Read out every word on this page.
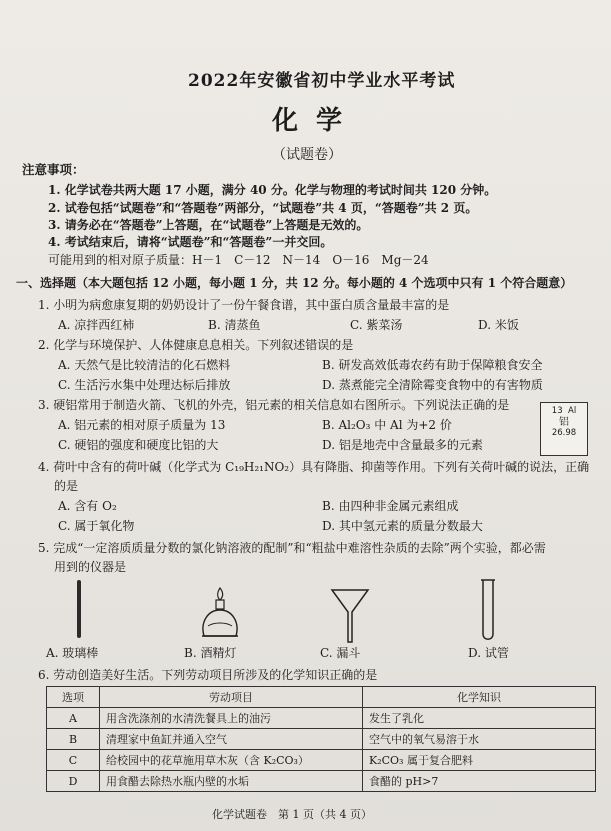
2022年安徽省初中学业水平考试
化学
（试题卷）
注意事项：
1. 化学试卷共两大题 17 小题，满分 40 分。化学与物理的考试时间共 120 分钟。
2. 试卷包括“试题卷”和“答题卷”两部分，“试题卷”共 4 页，“答题卷”共 2 页。
3. 请务必在“答题卷”上答题，在“试题卷”上答题是无效的。
4. 考试结束后，请将“试题卷”和“答题卷”一并交回。
可能用到的相对原子质量：H－1　C－12　N－14　O－16　Mg－24
一、选择题（本大题包括 12 小题，每小题 1 分，共 12 分。每小题的 4 个选项中只有 1 个符合题意）
1. 小明为病愈康复期的奶奶设计了一份午餐食谱，其中蛋白质含量最丰富的是
A. 凉拌西红柿	B. 清蒸鱼	C. 紫菜汤	D. 米饭
2. 化学与环境保护、人体健康息息相关。下列叙述错误的是
A. 天然气是比较清洁的化石燃料	B. 研发高效低毒农药有助于保障粮食安全
C. 生活污水集中处理达标后排放	D. 蒸煮能完全清除霉变食物中的有害物质
3. 硬铝常用于制造火箭、飞机的外壳，铝元素的相关信息如右图所示。下列说法正确的是
A. 铝元素的相对原子质量为 13	B. Al₂O₃ 中 Al 为+2 价
C. 硬铝的强度和硬度比铝的大	D. 铝是地壳中含量最多的元素
13 Al
铝
26.98
4. 荷叶中含有的荷叶碱（化学式为 C₁₉H₂₁NO₂）具有降脂、抑菌等作用。下列有关荷叶碱的说法，正确
的是
A. 含有 O₂	B. 由四种非金属元素组成
C. 属于氧化物	D. 其中氢元素的质量分数最大
5. 完成“一定溶质质量分数的氯化钠溶液的配制”和“粗盐中难溶性杂质的去除”两个实验，都必需
用到的仪器是
A. 玻璃棒	B. 酒精灯	C. 漏斗	D. 试管
6. 劳动创造美好生活。下列劳动项目所涉及的化学知识正确的是
选项	劳动项目	化学知识
A	用含洗涤剂的水清洗餐具上的油污	发生了乳化
B	清理家中鱼缸并通入空气	空气中的氧气易溶于水
C	给校园中的花草施用草木灰（含 K₂CO₃）	K₂CO₃ 属于复合肥料
D	用食醋去除热水瓶内壁的水垢	食醋的 pH>7
化学试题卷　第 1 页（共 4 页）
